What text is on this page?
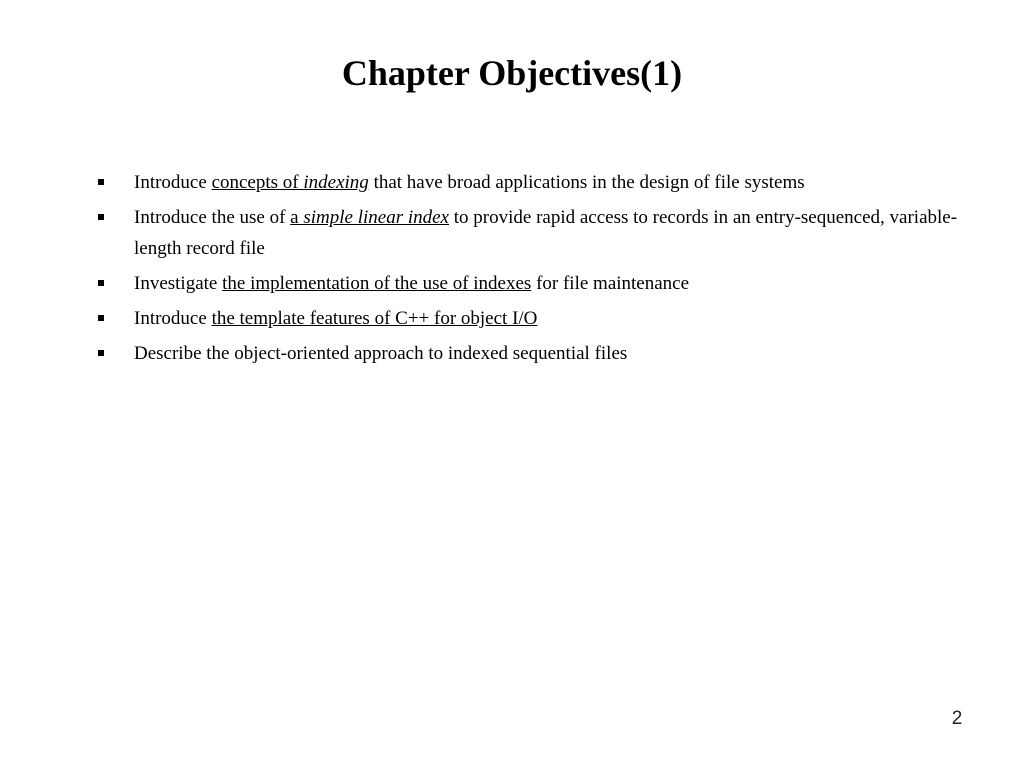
Chapter Objectives(1)
Introduce concepts of indexing that have broad applications in the design of file systems
Introduce the use of a simple linear index to provide rapid access to records in an entry-sequenced, variable-length record file
Investigate the implementation of the use of indexes for file maintenance
Introduce the template features of C++ for object I/O
Describe the object-oriented approach to indexed sequential files
2
